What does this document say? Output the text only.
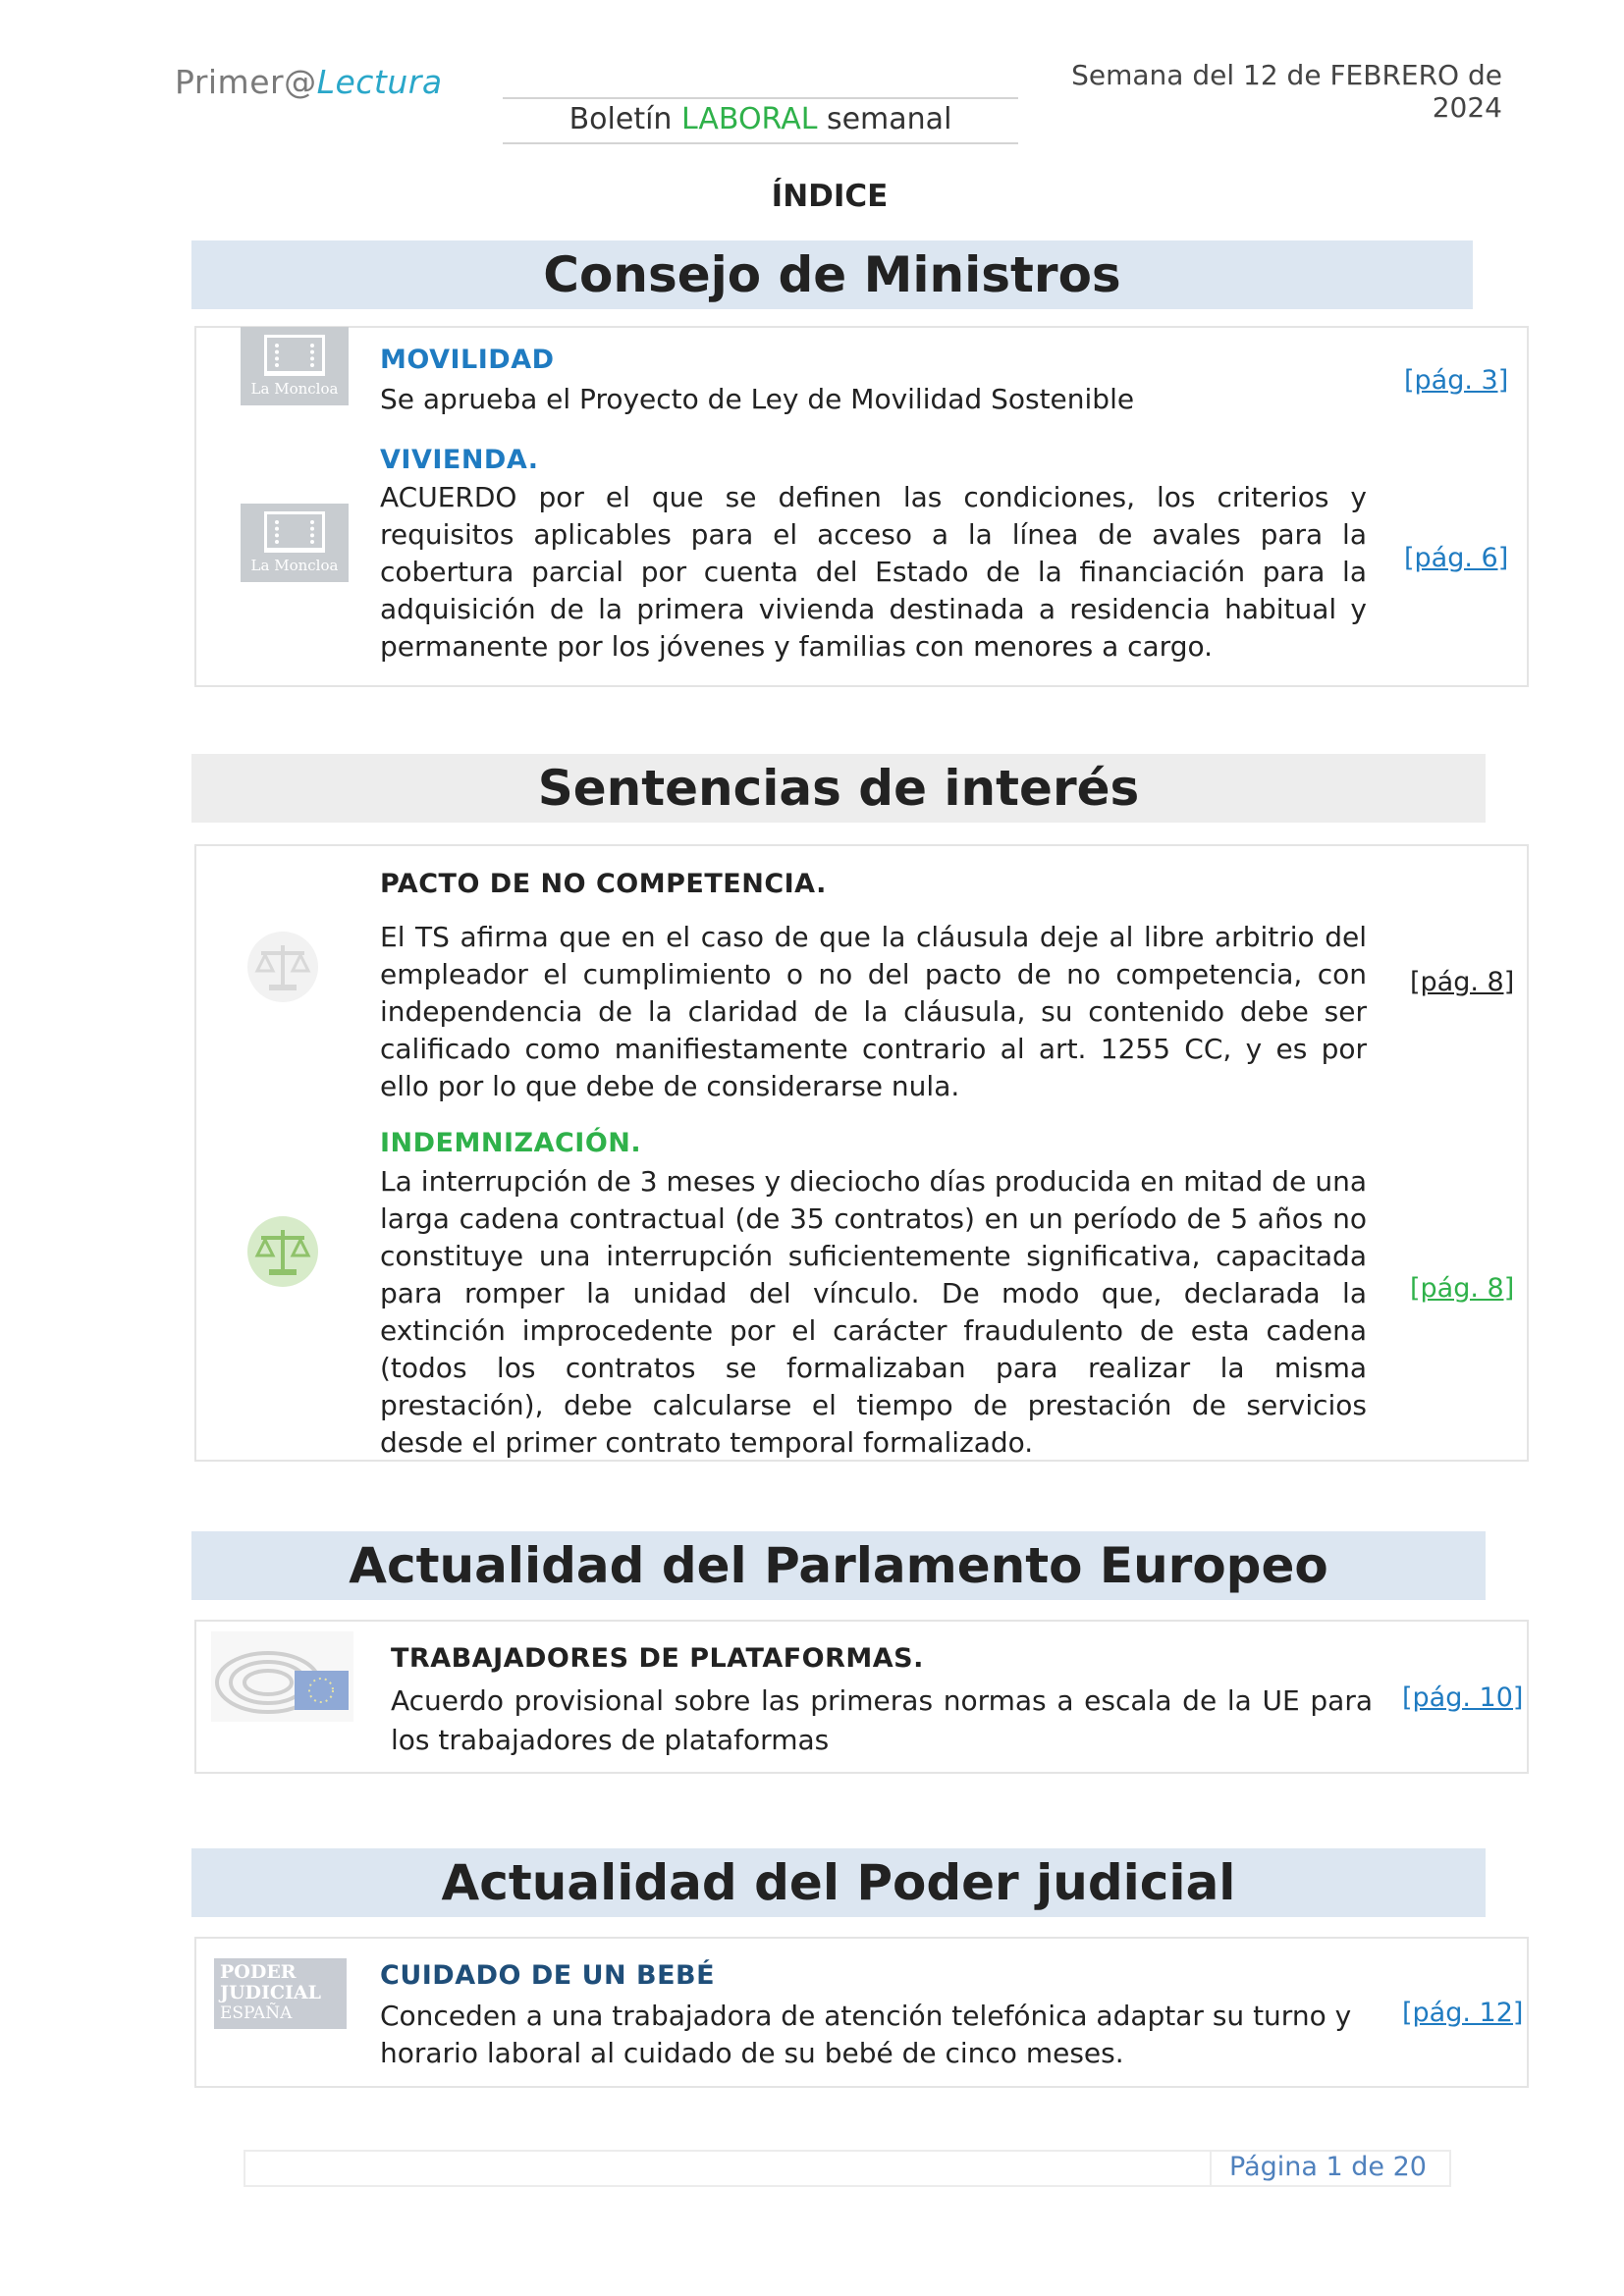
Primer@Lectura	Semana del 12 de FEBRERO de 2024
Boletín LABORAL semanal
ÍNDICE
Consejo de Ministros
La Moncloa
MOVILIDAD
Se aprueba el Proyecto de Ley de Movilidad Sostenible
[pág. 3]
La Moncloa
VIVIENDA.
ACUERDO por el que se definen las condiciones, los criterios y requisitos aplicables para el acceso a la línea de avales para la cobertura parcial por cuenta del Estado de la financiación para la adquisición de la primera vivienda destinada a residencia habitual y permanente por los jóvenes y familias con menores a cargo.
[pág. 6]
Sentencias de interés
PACTO DE NO COMPETENCIA.
El TS afirma que en el caso de que la cláusula deje al libre arbitrio del empleador el cumplimiento o no del pacto de no competencia, con independencia de la claridad de la cláusula, su contenido debe ser calificado como manifiestamente contrario al art. 1255 CC, y es por ello por lo que debe de considerarse nula.
[pág. 8]
INDEMNIZACIÓN.
La interrupción de 3 meses y dieciocho días producida en mitad de una larga cadena contractual (de 35 contratos) en un período de 5 años no constituye una interrupción suficientemente significativa, capacitada para romper la unidad del vínculo. De modo que, declarada la extinción improcedente por el carácter fraudulento de esta cadena (todos los contratos se formalizaban para realizar la misma prestación), debe calcularse el tiempo de prestación de servicios desde el primer contrato temporal formalizado.
[pág. 8]
Actualidad del Parlamento Europeo
TRABAJADORES DE PLATAFORMAS.
Acuerdo provisional sobre las primeras normas a escala de la UE para los trabajadores de plataformas
[pág. 10]
Actualidad del Poder judicial
PODER
JUDICIAL
ESPAÑA
CUIDADO DE UN BEBÉ
Conceden a una trabajadora de atención telefónica adaptar su turno y horario laboral al cuidado de su bebé de cinco meses.
[pág. 12]
Página 1 de 20
